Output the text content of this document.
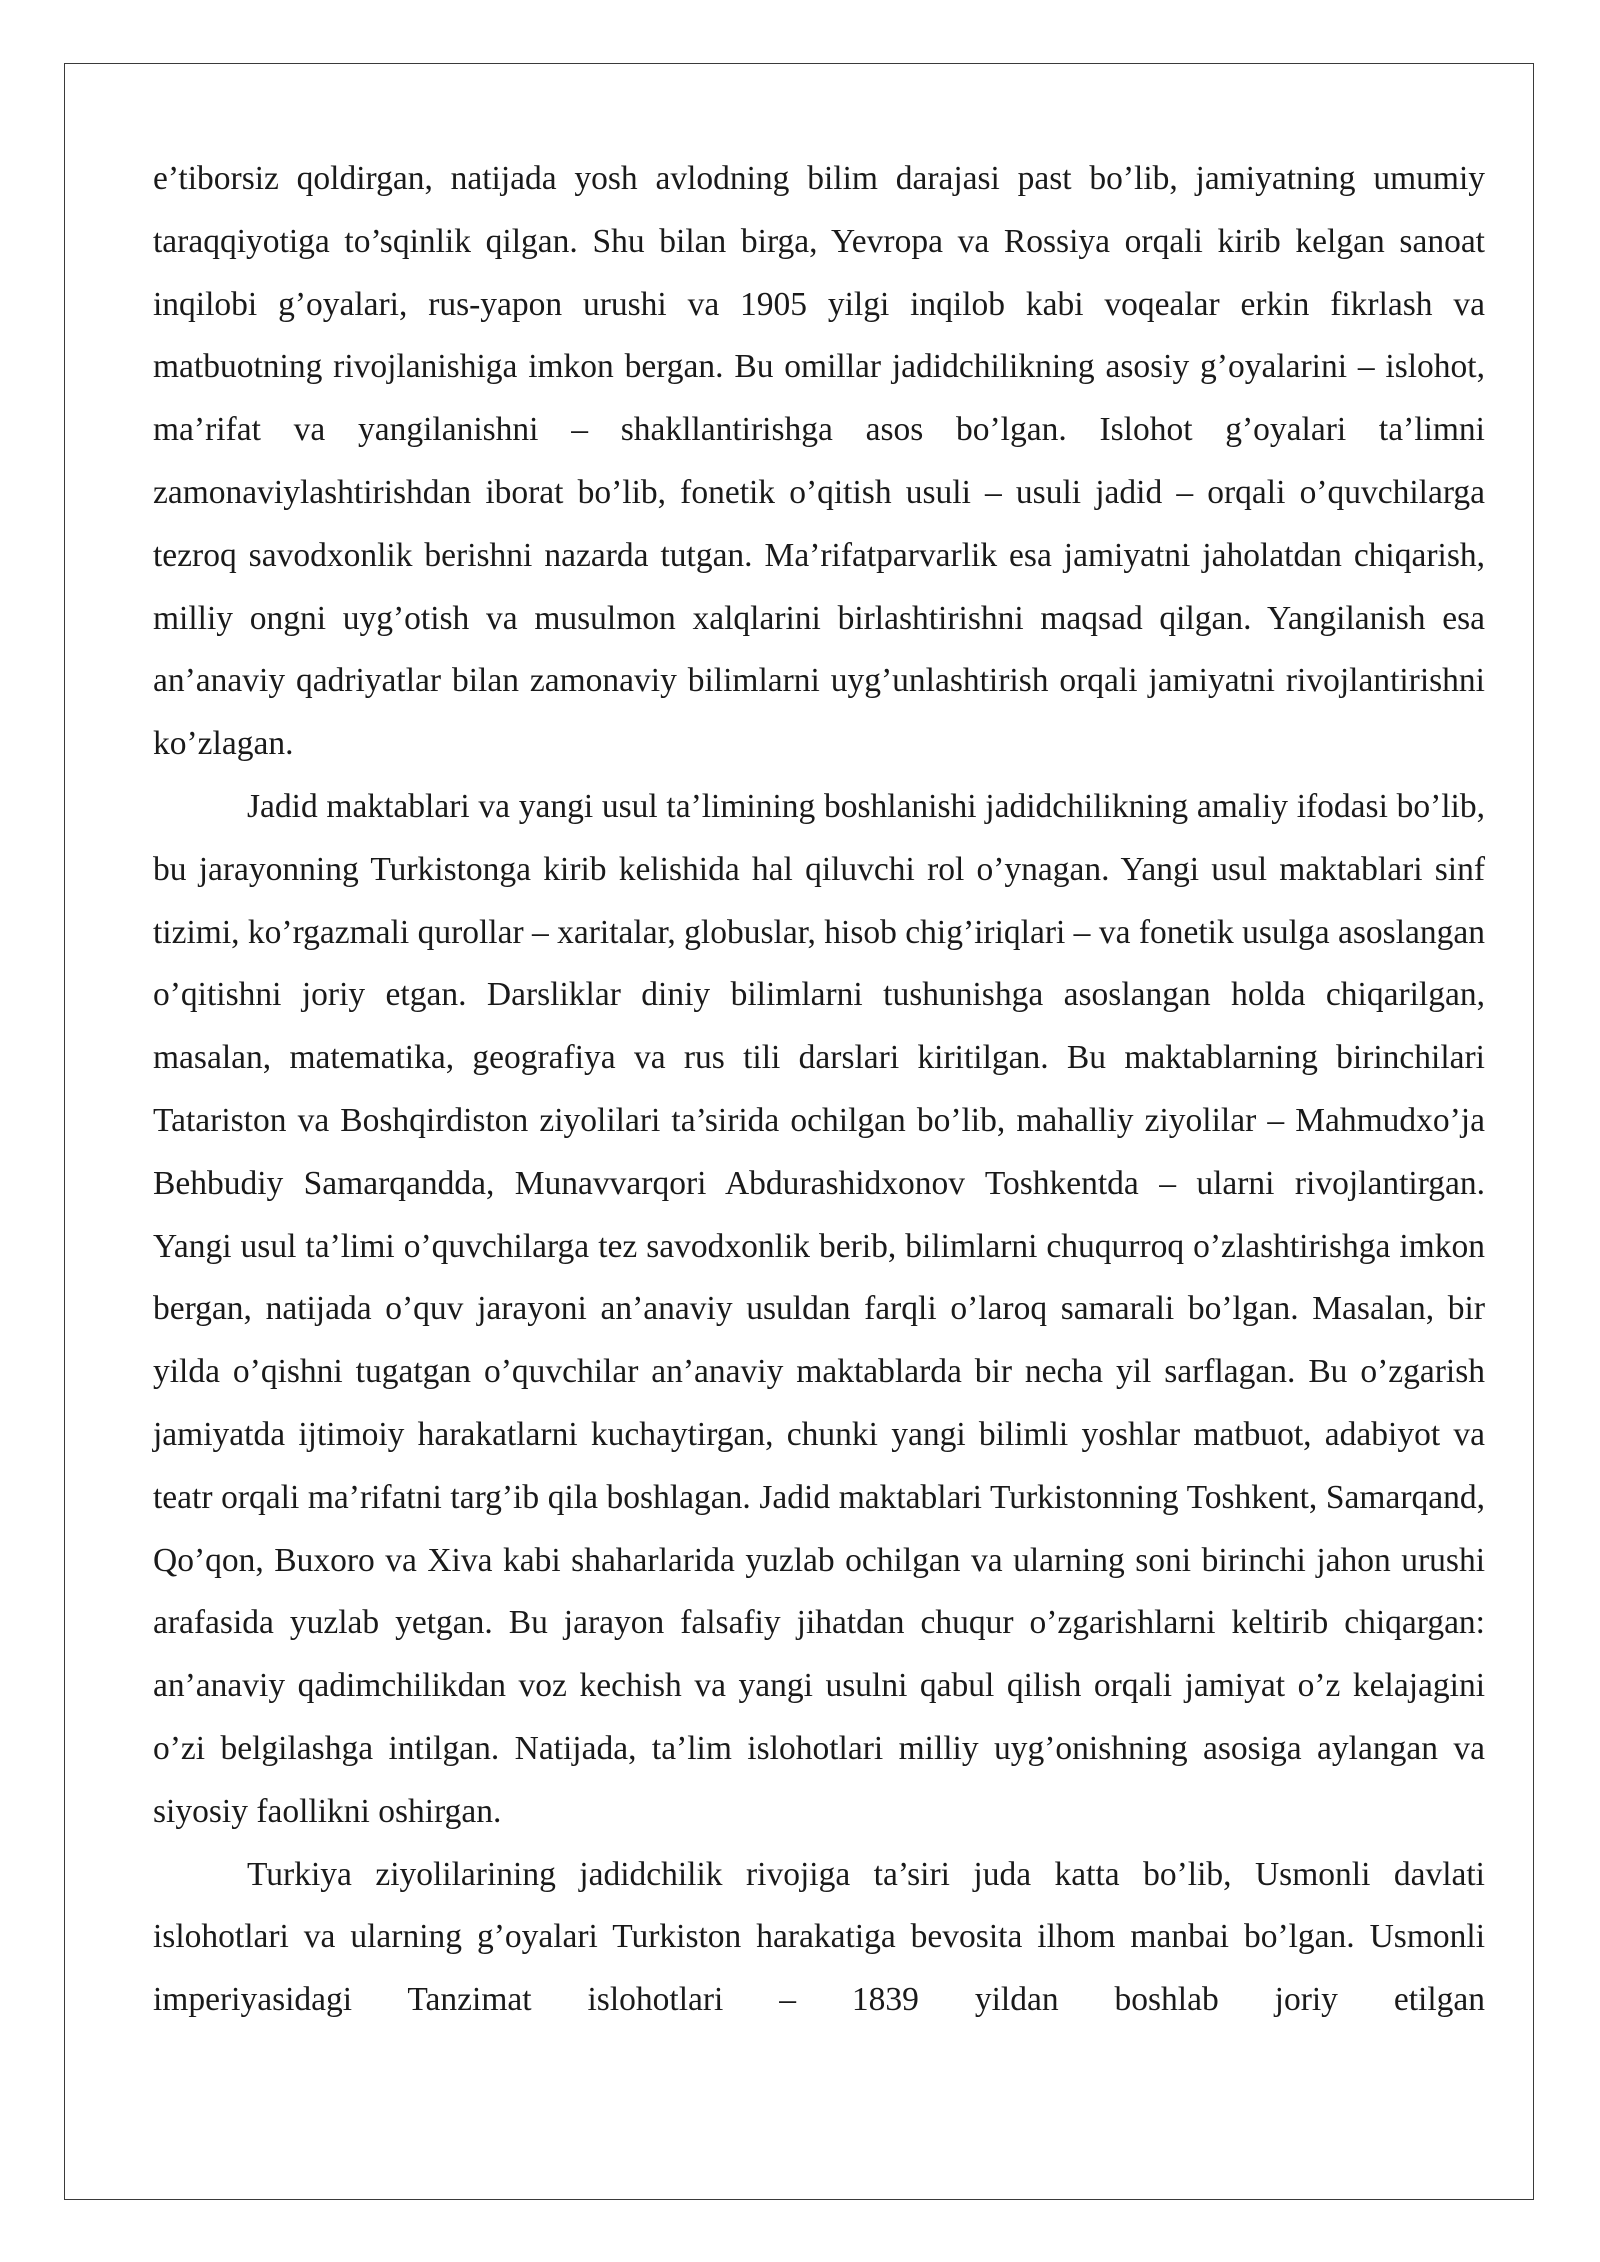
e’tiborsiz qoldirgan, natijada yosh avlodning bilim darajasi past bo’lib, jamiyatning umumiy taraqqiyotiga to’sqinlik qilgan. Shu bilan birga, Yevropa va Rossiya orqali kirib kelgan sanoat inqilobi g’oyalari, rus-yapon urushi va 1905 yilgi inqilob kabi voqealar erkin fikrlash va matbuotning rivojlanishiga imkon bergan. Bu omillar jadidchilikning asosiy g’oyalarini – islohot, ma’rifat va yangilanishni – shakllantirishga asos bo’lgan. Islohot g’oyalari ta’limni zamonaviylashtirishdan iborat bo’lib, fonetik o’qitish usuli – usuli jadid – orqali o’quvchilarga tezroq savodxonlik berishni nazarda tutgan. Ma’rifatparvarlik esa jamiyatni jaholatdan chiqarish, milliy ongni uyg’otish va musulmon xalqlarini birlashtirishni maqsad qilgan. Yangilanish esa an’anaviy qadriyatlar bilan zamonaviy bilimlarni uyg’unlashtirish orqali jamiyatni rivojlantirishni ko’zlagan.

Jadid maktablari va yangi usul ta’limining boshlanishi jadidchilikning amaliy ifodasi bo’lib, bu jarayonning Turkistonga kirib kelishida hal qiluvchi rol o’ynagan. Yangi usul maktablari sinf tizimi, ko’rgazmali qurollar – xaritalar, globuslar, hisob chig’iriqlari – va fonetik usulga asoslangan o’qitishni joriy etgan. Darsliklar diniy bilimlarni tushunishga asoslangan holda chiqarilgan, masalan, matematika, geografiya va rus tili darslari kiritilgan. Bu maktablarning birinchilari Tatariston va Boshqirdiston ziyolilari ta’sirida ochilgan bo’lib, mahalliy ziyolilar – Mahmudxo’ja Behbudiy Samarqandda, Munavvarqori Abdurashidxonov Toshkentda – ularni rivojlantirgan. Yangi usul ta’limi o’quvchilarga tez savodxonlik berib, bilimlarni chuqurroq o’zlashtirishga imkon bergan, natijada o’quv jarayoni an’anaviy usuldan farqli o’laroq samarali bo’lgan. Masalan, bir yilda o’qishni tugatgan o’quvchilar an’anaviy maktablarda bir necha yil sarflagan. Bu o’zgarish jamiyatda ijtimoiy harakatlarni kuchaytirgan, chunki yangi bilimli yoshlar matbuot, adabiyot va teatr orqali ma’rifatni targ’ib qila boshlagan. Jadid maktablari Turkistonning Toshkent, Samarqand, Qo’qon, Buxoro va Xiva kabi shaharlarida yuzlab ochilgan va ularning soni birinchi jahon urushi arafasida yuzlab yetgan. Bu jarayon falsafiy jihatdan chuqur o’zgarishlarni keltirib chiqargan: an’anaviy qadimchilikdan voz kechish va yangi usulni qabul qilish orqali jamiyat o’z kelajagini o’zi belgilashga intilgan. Natijada, ta’lim islohotlari milliy uyg’onishning asosiga aylangan va siyosiy faollikni oshirgan.

Turkiya ziyolilarining jadidchilik rivojiga ta’siri juda katta bo’lib, Usmonli davlati islohotlari va ularning g’oyalari Turkiston harakatiga bevosita ilhom manbai bo’lgan. Usmonli imperiyasidagi Tanzimat islohotlari – 1839 yildan boshlab joriy etilgan
